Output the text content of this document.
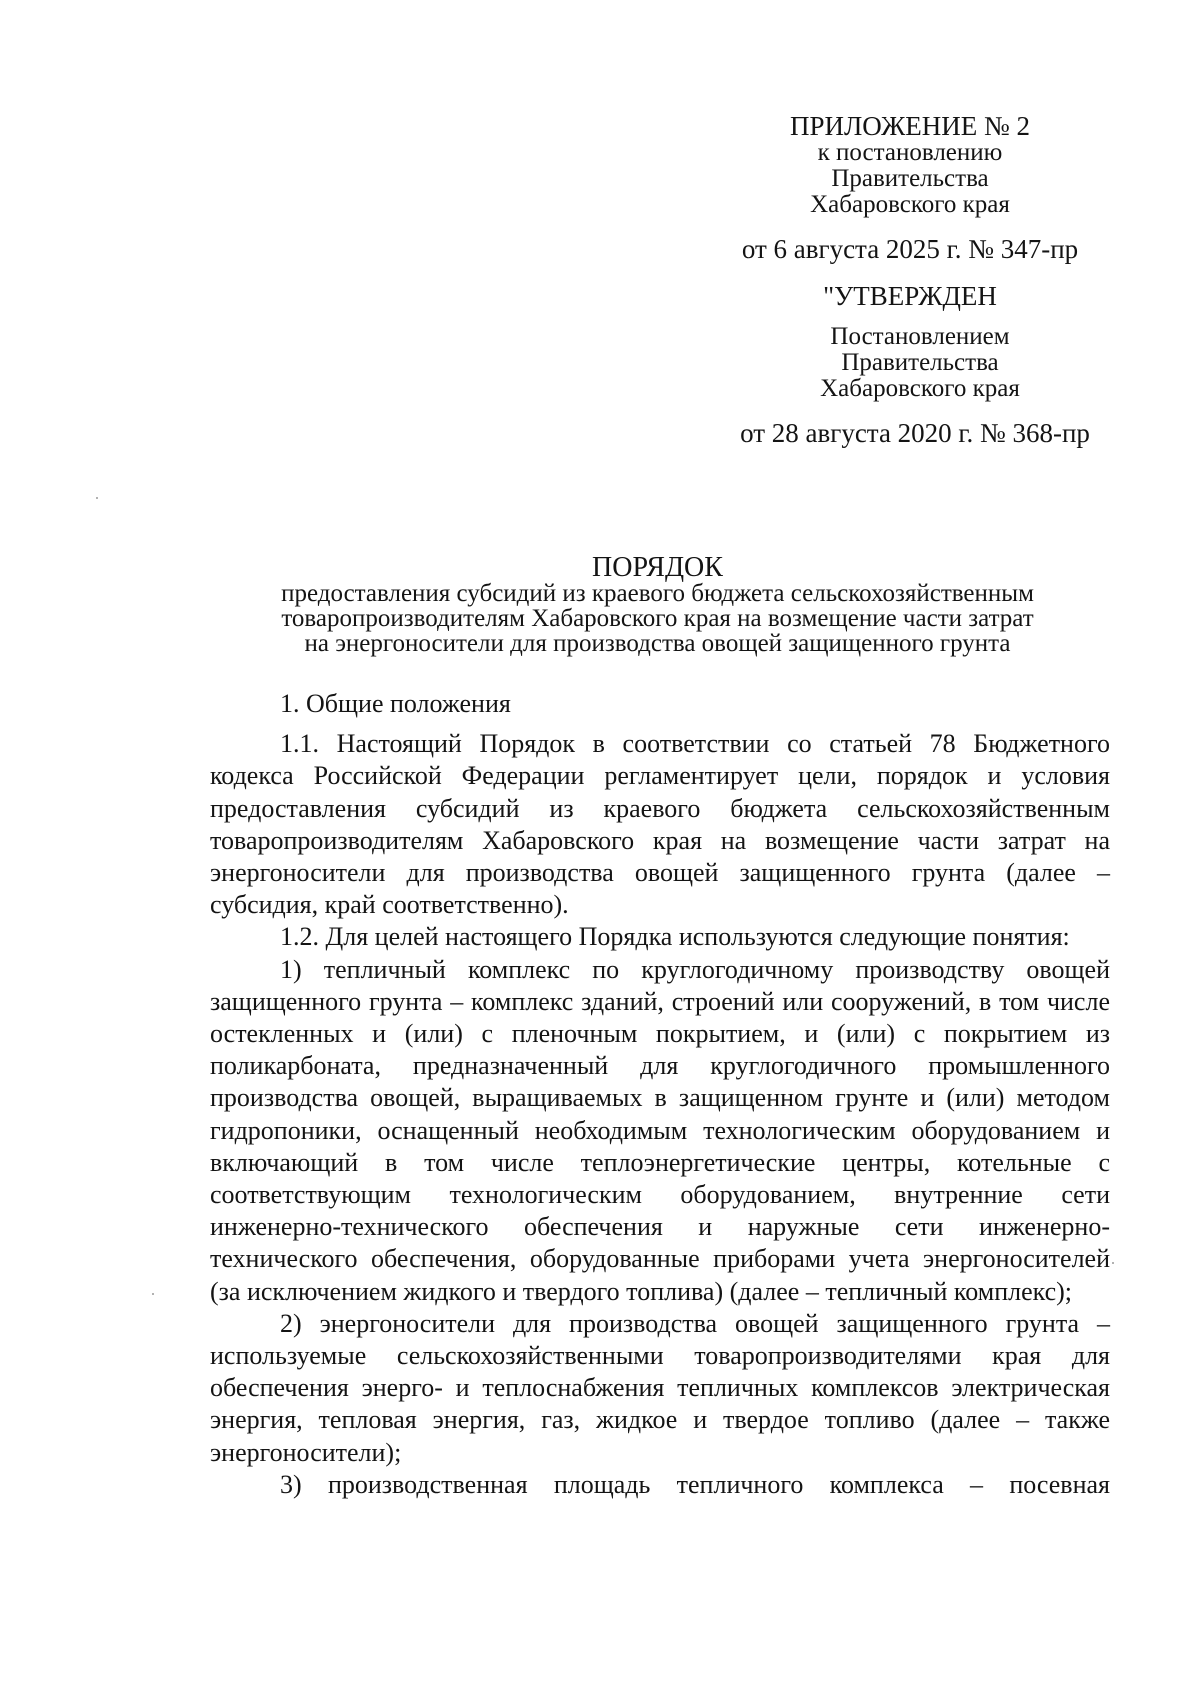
ПРИЛОЖЕНИЕ № 2
к постановлению
Правительства
Хабаровского края
от 6 августа 2025 г. № 347-пр
"УТВЕРЖДЕН
Постановлением
Правительства
Хабаровского края
от 28 августа 2020 г. № 368-пр
ПОРЯДОК
предоставления субсидий из краевого бюджета сельскохозяйственным
товаропроизводителям Хабаровского края на возмещение части затрат
на энергоносители для производства овощей защищенного грунта

1. Общие положения

1.1. Настоящий Порядок в соответствии со статьей 78 Бюджетного кодекса Российской Федерации регламентирует цели, порядок и условия предоставления субсидий из краевого бюджета сельскохозяйственным товаропроизводителям Хабаровского края на возмещение части затрат на энергоносители для производства овощей защищенного грунта (далее – субсидия, край соответственно).

1.2. Для целей настоящего Порядка используются следующие понятия:

1) тепличный комплекс по круглогодичному производству овощей защищенного грунта – комплекс зданий, строений или сооружений, в том числе остекленных и (или) с пленочным покрытием, и (или) с покрытием из поликарбоната, предназначенный для круглогодичного промышленного производства овощей, выращиваемых в защищенном грунте и (или) методом гидропоники, оснащенный необходимым технологическим оборудованием и включающий в том числе теплоэнергетические центры, котельные с соответствующим технологическим оборудованием, внутренние сети инженерно-технического обеспечения и наружные сети инженерно-технического обеспечения, оборудованные приборами учета энергоносителей (за исключением жидкого и твердого топлива) (далее – тепличный комплекс);

2) энергоносители для производства овощей защищенного грунта – используемые сельскохозяйственными товаропроизводителями края для обеспечения энерго- и теплоснабжения тепличных комплексов электрическая энергия, тепловая энергия, газ, жидкое и твердое топливо (далее – также энергоносители);

3) производственная площадь тепличного комплекса – посевная
